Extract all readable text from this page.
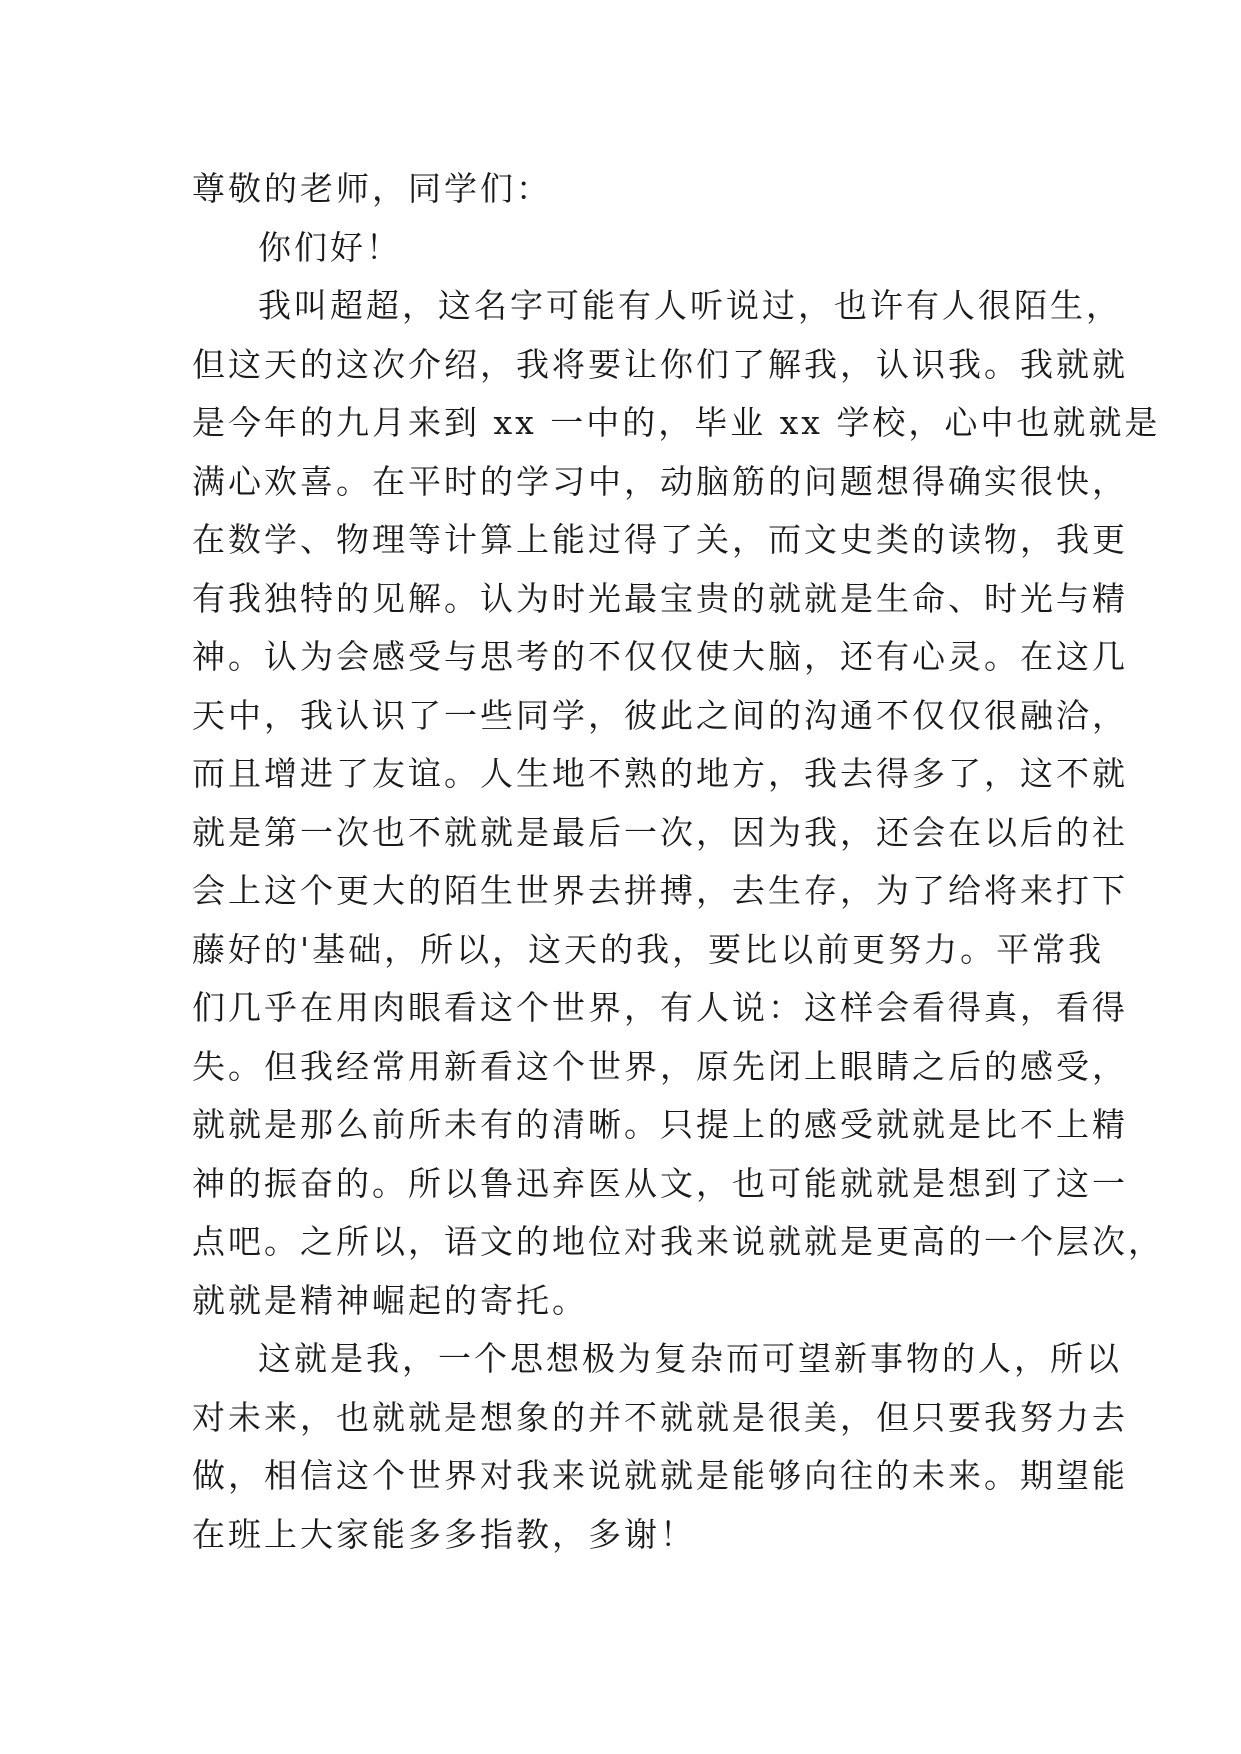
尊敬的老师，同学们：
你们好！
我叫超超，这名字可能有人听说过，也许有人很陌生，
但这天的这次介绍，我将要让你们了解我，认识我。我就就
是今年的九月来到 xx 一中的，毕业 xx 学校，心中也就就是
满心欢喜。在平时的学习中，动脑筋的问题想得确实很快，
在数学、物理等计算上能过得了关，而文史类的读物，我更
有我独特的见解。认为时光最宝贵的就就是生命、时光与精
神。认为会感受与思考的不仅仅使大脑，还有心灵。在这几
天中，我认识了一些同学，彼此之间的沟通不仅仅很融洽，
而且增进了友谊。人生地不熟的地方，我去得多了，这不就
就是第一次也不就就是最后一次，因为我，还会在以后的社
会上这个更大的陌生世界去拼搏，去生存，为了给将来打下
藤好的'基础，所以，这天的我，要比以前更努力。平常我
们几乎在用肉眼看这个世界，有人说：这样会看得真，看得
失。但我经常用新看这个世界，原先闭上眼睛之后的感受，
就就是那么前所未有的清晰。只提上的感受就就是比不上精
神的振奋的。所以鲁迅弃医从文，也可能就就是想到了这一
点吧。之所以，语文的地位对我来说就就是更高的一个层次，
就就是精神崛起的寄托。
这就是我，一个思想极为复杂而可望新事物的人，所以
对未来，也就就是想象的并不就就是很美，但只要我努力去
做，相信这个世界对我来说就就是能够向往的未来。期望能
在班上大家能多多指教，多谢！
